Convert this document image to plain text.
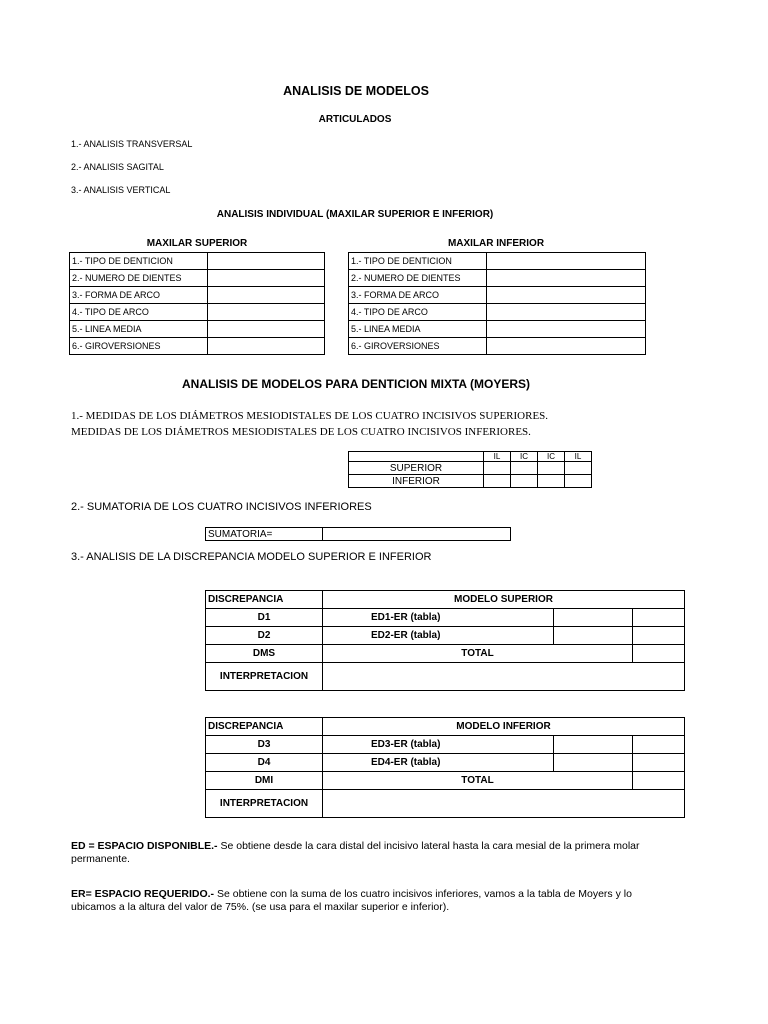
ANALISIS DE MODELOS
ARTICULADOS
1.- ANALISIS TRANSVERSAL
2.- ANALISIS SAGITAL
3.- ANALISIS VERTICAL
ANALISIS INDIVIDUAL (MAXILAR SUPERIOR E INFERIOR)
MAXILAR SUPERIOR	MAXILAR INFERIOR
1.- TIPO DE DENTICION	
2.- NUMERO DE DIENTES	
3.- FORMA DE ARCO	
4.- TIPO DE ARCO	
5.- LINEA MEDIA	
6.- GIROVERSIONES	
1.- TIPO DE DENTICION	
2.- NUMERO DE DIENTES	
3.- FORMA DE ARCO	
4.- TIPO DE ARCO	
5.- LINEA MEDIA	
6.- GIROVERSIONES	
ANALISIS DE MODELOS PARA DENTICION MIXTA (MOYERS)
1.- MEDIDAS DE LOS DIÁMETROS MESIODISTALES DE LOS CUATRO INCISIVOS SUPERIORES.
MEDIDAS DE LOS DIÁMETROS MESIODISTALES DE LOS CUATRO INCISIVOS INFERIORES.
	IL	IC	IC	IL
SUPERIOR				
INFERIOR				
2.- SUMATORIA DE LOS CUATRO INCISIVOS INFERIORES
SUMATORIA=	
3.- ANALISIS DE LA DISCREPANCIA MODELO SUPERIOR E INFERIOR
DISCREPANCIA	MODELO SUPERIOR		
D1	ED1-ER (tabla)		
D2	ED2-ER (tabla)		
DMS	TOTAL		
INTERPRETACION			
DISCREPANCIA	MODELO INFERIOR		
D3	ED3-ER (tabla)		
D4	ED4-ER (tabla)		
DMI	TOTAL		
INTERPRETACION			
ED = ESPACIO DISPONIBLE.- Se obtiene desde la cara distal del incisivo lateral hasta la cara mesial de la primera molar permanente.
ER= ESPACIO REQUERIDO.- Se obtiene con la suma de los cuatro incisivos inferiores, vamos a la tabla de Moyers y lo ubicamos a la altura del valor de 75%. (se usa para el maxilar superior e inferior).
